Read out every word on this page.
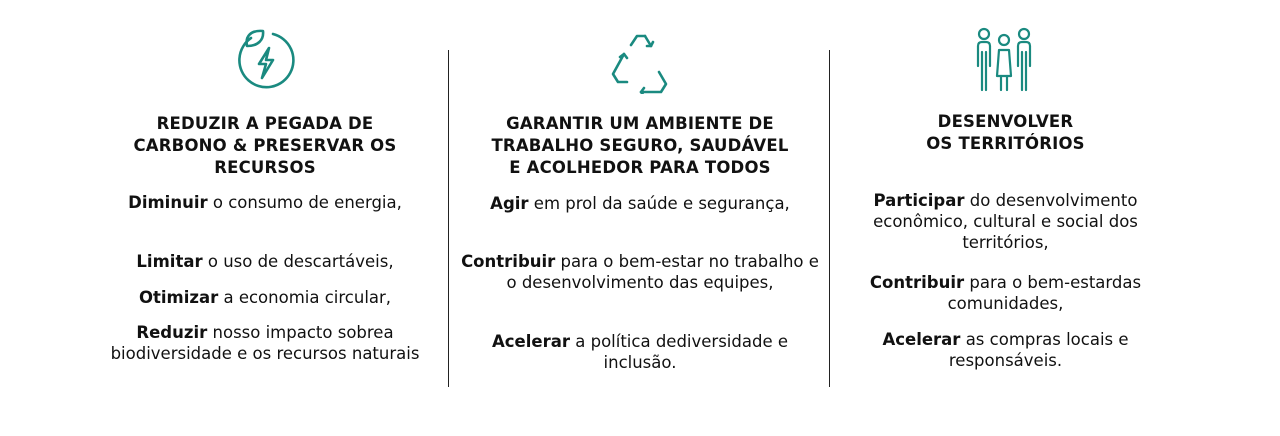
REDUZIR A PEGADA DE
CARBONO & PRESERVAR OS
RECURSOS
Diminuir o consumo de energia,
Limitar o uso de descartáveis,
Otimizar a economia circular,
Reduzir nosso impacto sobrea biodiversidade e os recursos naturais
GARANTIR UM AMBIENTE DE
TRABALHO SEGURO, SAUDÁVEL
E ACOLHEDOR PARA TODOS
Agir em prol da saúde e segurança,
Contribuir para o bem-estar no trabalho e o desenvolvimento das equipes,
Acelerar a política dediversidade e inclusão.
DESENVOLVER
OS TERRITÓRIOS
Participar do desenvolvimento econômico, cultural e social dos territórios,
Contribuir para o bem-estardas comunidades,
Acelerar as compras locais e responsáveis.
